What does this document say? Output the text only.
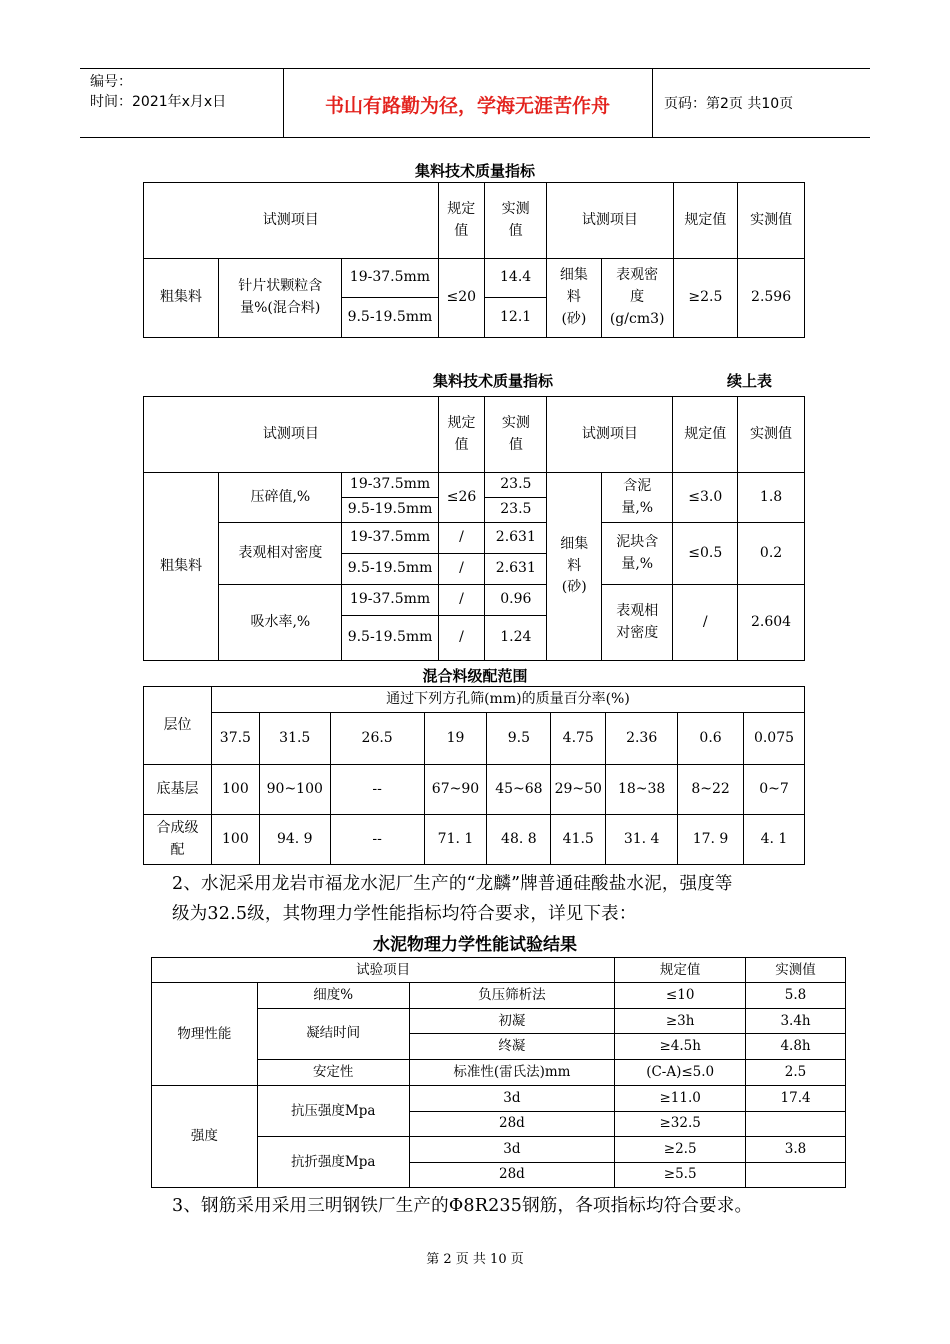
编号：
时间：2021年x月x日	书山有路勤为径，学海无涯苦作舟	页码：第2页 共10页
集料技术质量指标
试测项目			规定值	实测值	试测项目		规定值	实测值
粗集料	针片状颗粒含量%(混合料)	19-37.5mm	≤20	14.4	细集料(砂)	表观密度(g/cm3)	≥2.5	2.596
		9.5-19.5mm		12.1				
集料技术质量指标	续上表
试测项目			规定值	实测值	试测项目		规定值	实测值
粗集料	压碎值,%	19-37.5mm	≤26	23.5	细集料(砂)	含泥量,%	≤3.0	1.8
		9.5-19.5mm		23.5				
	表观相对密度	19-37.5mm	/	2.631		泥块含量,%	≤0.5	0.2
		9.5-19.5mm	/	2.631				
	吸水率,%	19-37.5mm	/	0.96		表观相对密度	/	2.604
		9.5-19.5mm	/	1.24				
混合料级配范围
层位	通过下列方孔筛(mm)的质量百分率(%)								
	37.5	31.5	26.5	19	9.5	4.75	2.36	0.6	0.075
底基层	100	90~100	--	67~90	45~68	29~50	18~38	8~22	0~7
合成级配	100	94. 9	--	71. 1	48. 8	41.5	31. 4	17. 9	4. 1
2、水泥采用龙岩市福龙水泥厂生产的“龙麟”牌普通硅酸盐水泥，强度等
级为32.5级，其物理力学性能指标均符合要求，详见下表：
水泥物理力学性能试验结果
试验项目			规定值	实测值
物理性能	细度%	负压筛析法	≤10	5.8
	凝结时间	初凝	≥3h	3.4h
		终凝	≥4.5h	4.8h
	安定性	标准性(雷氏法)mm	(C-A)≤5.0	2.5
强度	抗压强度Mpa	3d	≥11.0	17.4
		28d	≥32.5	
	抗折强度Mpa	3d	≥2.5	3.8
		28d	≥5.5	
3、钢筋采用采用三明钢铁厂生产的Φ8R235钢筋，各项指标均符合要求。
第 2 页 共 10 页
